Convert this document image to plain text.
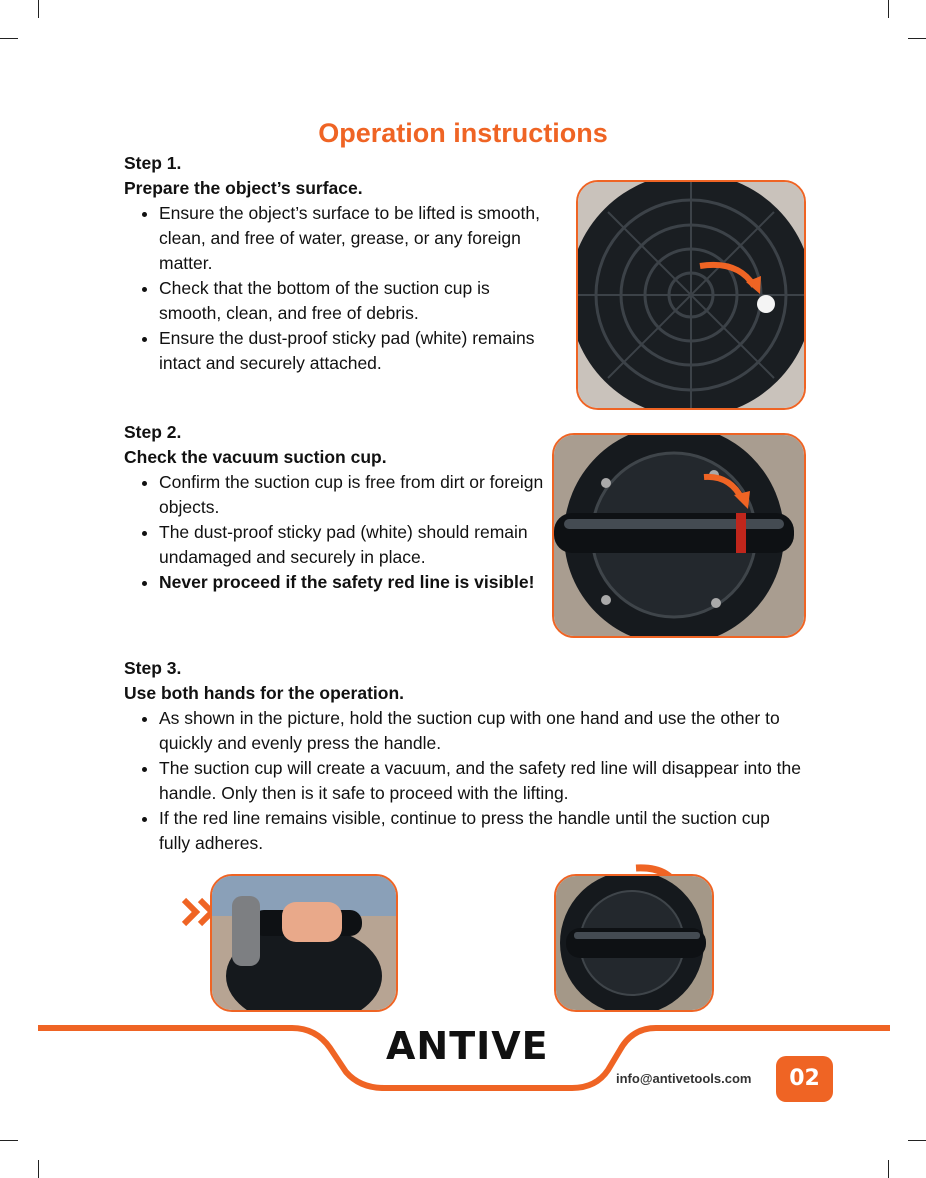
Operation instructions
Step 1.
Prepare the object’s surface.
Ensure the object’s surface to be lifted is smooth, clean, and free of water, grease, or any foreign matter.
Check that the bottom of the suction cup is smooth, clean, and free of debris.
Ensure the dust-proof sticky pad (white) remains intact and securely attached.
Step 2.
Check the vacuum suction cup.
Confirm the suction cup is free from dirt or foreign objects.
The dust-proof sticky pad (white) should remain undamaged and securely in place.
Never proceed if the safety red line is visible!
Step 3.
Use both hands for the operation.
As shown in the picture, hold the suction cup with one hand and use the other to quickly and evenly press the handle.
The suction cup will create a vacuum, and the safety red line will disappear into the handle. Only then is it safe to proceed with the lifting.
If the red line remains visible, continue to press the handle until the suction cup fully adheres.
ANTIVE
info@antivetools.com	02
